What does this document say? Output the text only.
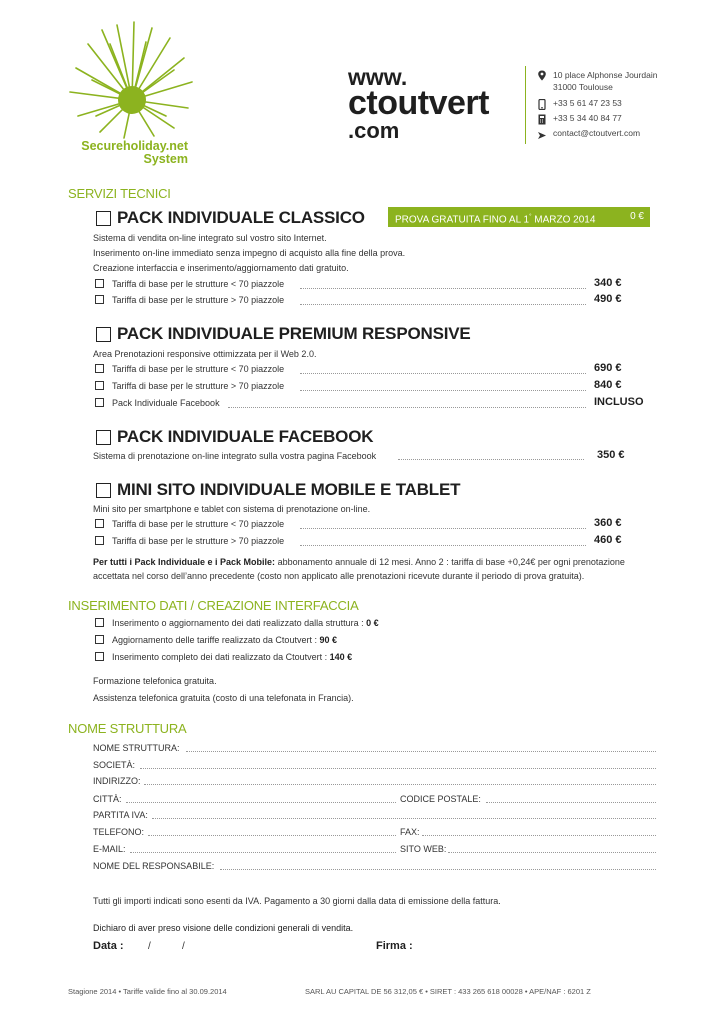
Secureholiday.net
System
www.
ctoutvert
.com
10 place Alphonse Jourdain
31000 Toulouse
+33 5 61 47 23 53
+33 5 34 40 84 77
contact@ctoutvert.com
SERVIZI TECNICI
PACK INDIVIDUALE CLASSICO	PROVA GRATUITA FINO AL 1° MARZO 2014	0 €
Sistema di vendita on-line integrato sul vostro sito Internet.
Inserimento on-line immediato senza impegno di acquisto alla fine della prova.
Creazione interfaccia e inserimento/aggiornamento dati gratuito.
Tariffa di base per le strutture < 70 piazzole	340 €
Tariffa di base per le strutture > 70 piazzole	490 €
PACK INDIVIDUALE PREMIUM RESPONSIVE
Area Prenotazioni responsive ottimizzata per il Web 2.0.
Tariffa di base per le strutture < 70 piazzole	690 €
Tariffa di base per le strutture > 70 piazzole	840 €
Pack Individuale Facebook	INCLUSO
PACK INDIVIDUALE FACEBOOK
Sistema di prenotazione on-line integrato sulla vostra pagina Facebook	350 €
MINI SITO INDIVIDUALE MOBILE E TABLET
Mini sito per smartphone e tablet con sistema di prenotazione on-line.
Tariffa di base per le strutture < 70 piazzole	360 €
Tariffa di base per le strutture > 70 piazzole	460 €
Per tutti i Pack Individuale e i Pack Mobile: abbonamento annuale di 12 mesi. Anno 2 : tariffa di base +0,24€ per ogni prenotazione
accettata nel corso dell’anno precedente (costo non applicato alle prenotazioni ricevute durante il periodo di prova gratuita).
INSERIMENTO DATI / CREAZIONE INTERFACCIA
Inserimento o aggiornamento dei dati realizzato dalla struttura : 0 €
Aggiornamento delle tariffe realizzato da Ctoutvert : 90 €
Inserimento completo dei dati realizzato da Ctoutvert : 140 €
Formazione telefonica gratuita.
Assistenza telefonica gratuita (costo di una telefonata in Francia).
NOME STRUTTURA
NOME STRUTTURA:
SOCIETÀ:
INDIRIZZO:
CITTÀ:	CODICE POSTALE:
PARTITA IVA:
TELEFONO:	FAX:
E-MAIL:	SITO WEB:
NOME DEL RESPONSABILE:
Tutti gli importi indicati sono esenti da IVA. Pagamento a 30 giorni dalla data di emissione della fattura.
Dichiaro di aver preso visione delle condizioni generali di vendita.
Data : /	/	Firma :
Stagione 2014 • Tariffe valide fino al 30.09.2014	SARL AU CAPITAL DE 56 312,05 € • SIRET : 433 265 618 00028 • APE/NAF : 6201 Z
